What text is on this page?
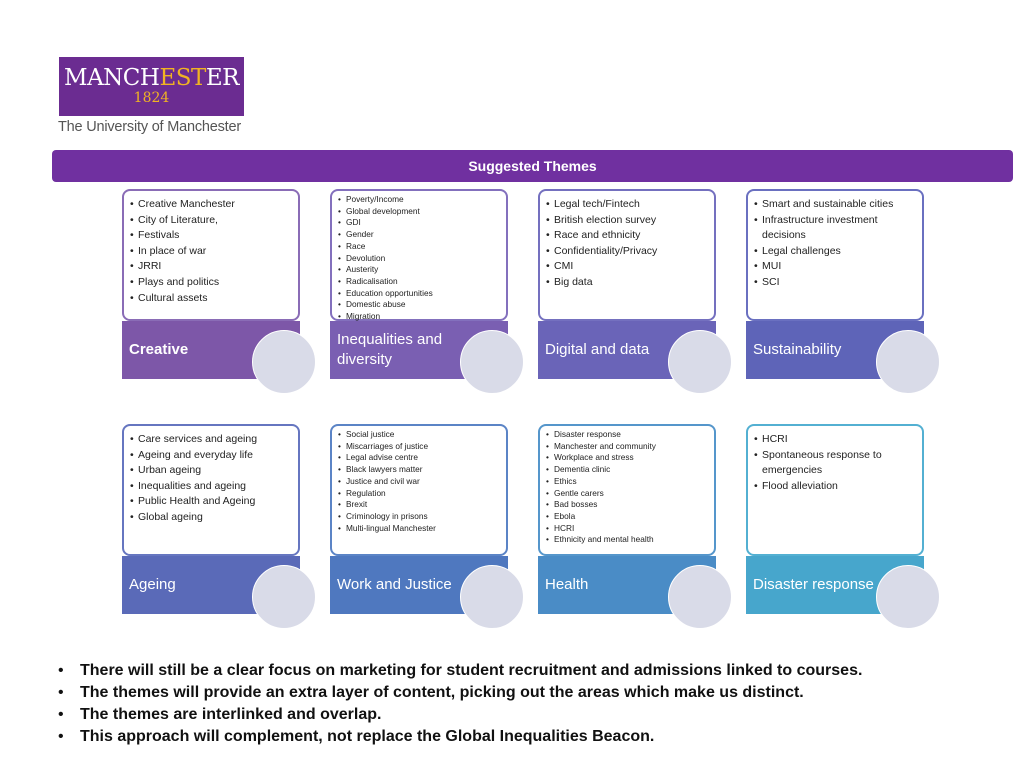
MANCHESTER
1824
The University of Manchester
Suggested Themes
• Creative Manchester
• City of Literature,
• Festivals
• In place of war
• JRRI
• Plays and politics
• Cultural assets
Creative
• Poverty/Income
• Global development
• GDI
• Gender
• Race
• Devolution
• Austerity
• Radicalisation
• Education opportunities
• Domestic abuse
• Migration
Inequalities and diversity
• Legal tech/Fintech
• British election survey
• Race and ethnicity
• Confidentiality/Privacy
• CMI
• Big data
Digital and data
• Smart and sustainable cities
• Infrastructure investment decisions
• Legal challenges
• MUI
• SCI
Sustainability
• Care services and ageing
• Ageing and everyday life
• Urban ageing
• Inequalities and ageing
• Public Health and Ageing
• Global ageing
Ageing
• Social justice
• Miscarriages of justice
• Legal advise centre
• Black lawyers matter
• Justice and civil war
• Regulation
• Brexit
• Criminology in prisons
• Multi-lingual Manchester
Work and Justice
• Disaster response
• Manchester and community
• Workplace and stress
• Dementia clinic
• Ethics
• Gentle carers
• Bad bosses
• Ebola
• HCRI
• Ethnicity and mental health
Health
• HCRI
• Spontaneous response to emergencies
• Flood alleviation
Disaster response
• There will still be a clear focus on marketing for student recruitment and admissions linked to courses.
• The themes will provide an extra layer of content, picking out the areas which make us distinct.
• The themes are interlinked and overlap.
• This approach will complement, not replace the Global Inequalities Beacon.
